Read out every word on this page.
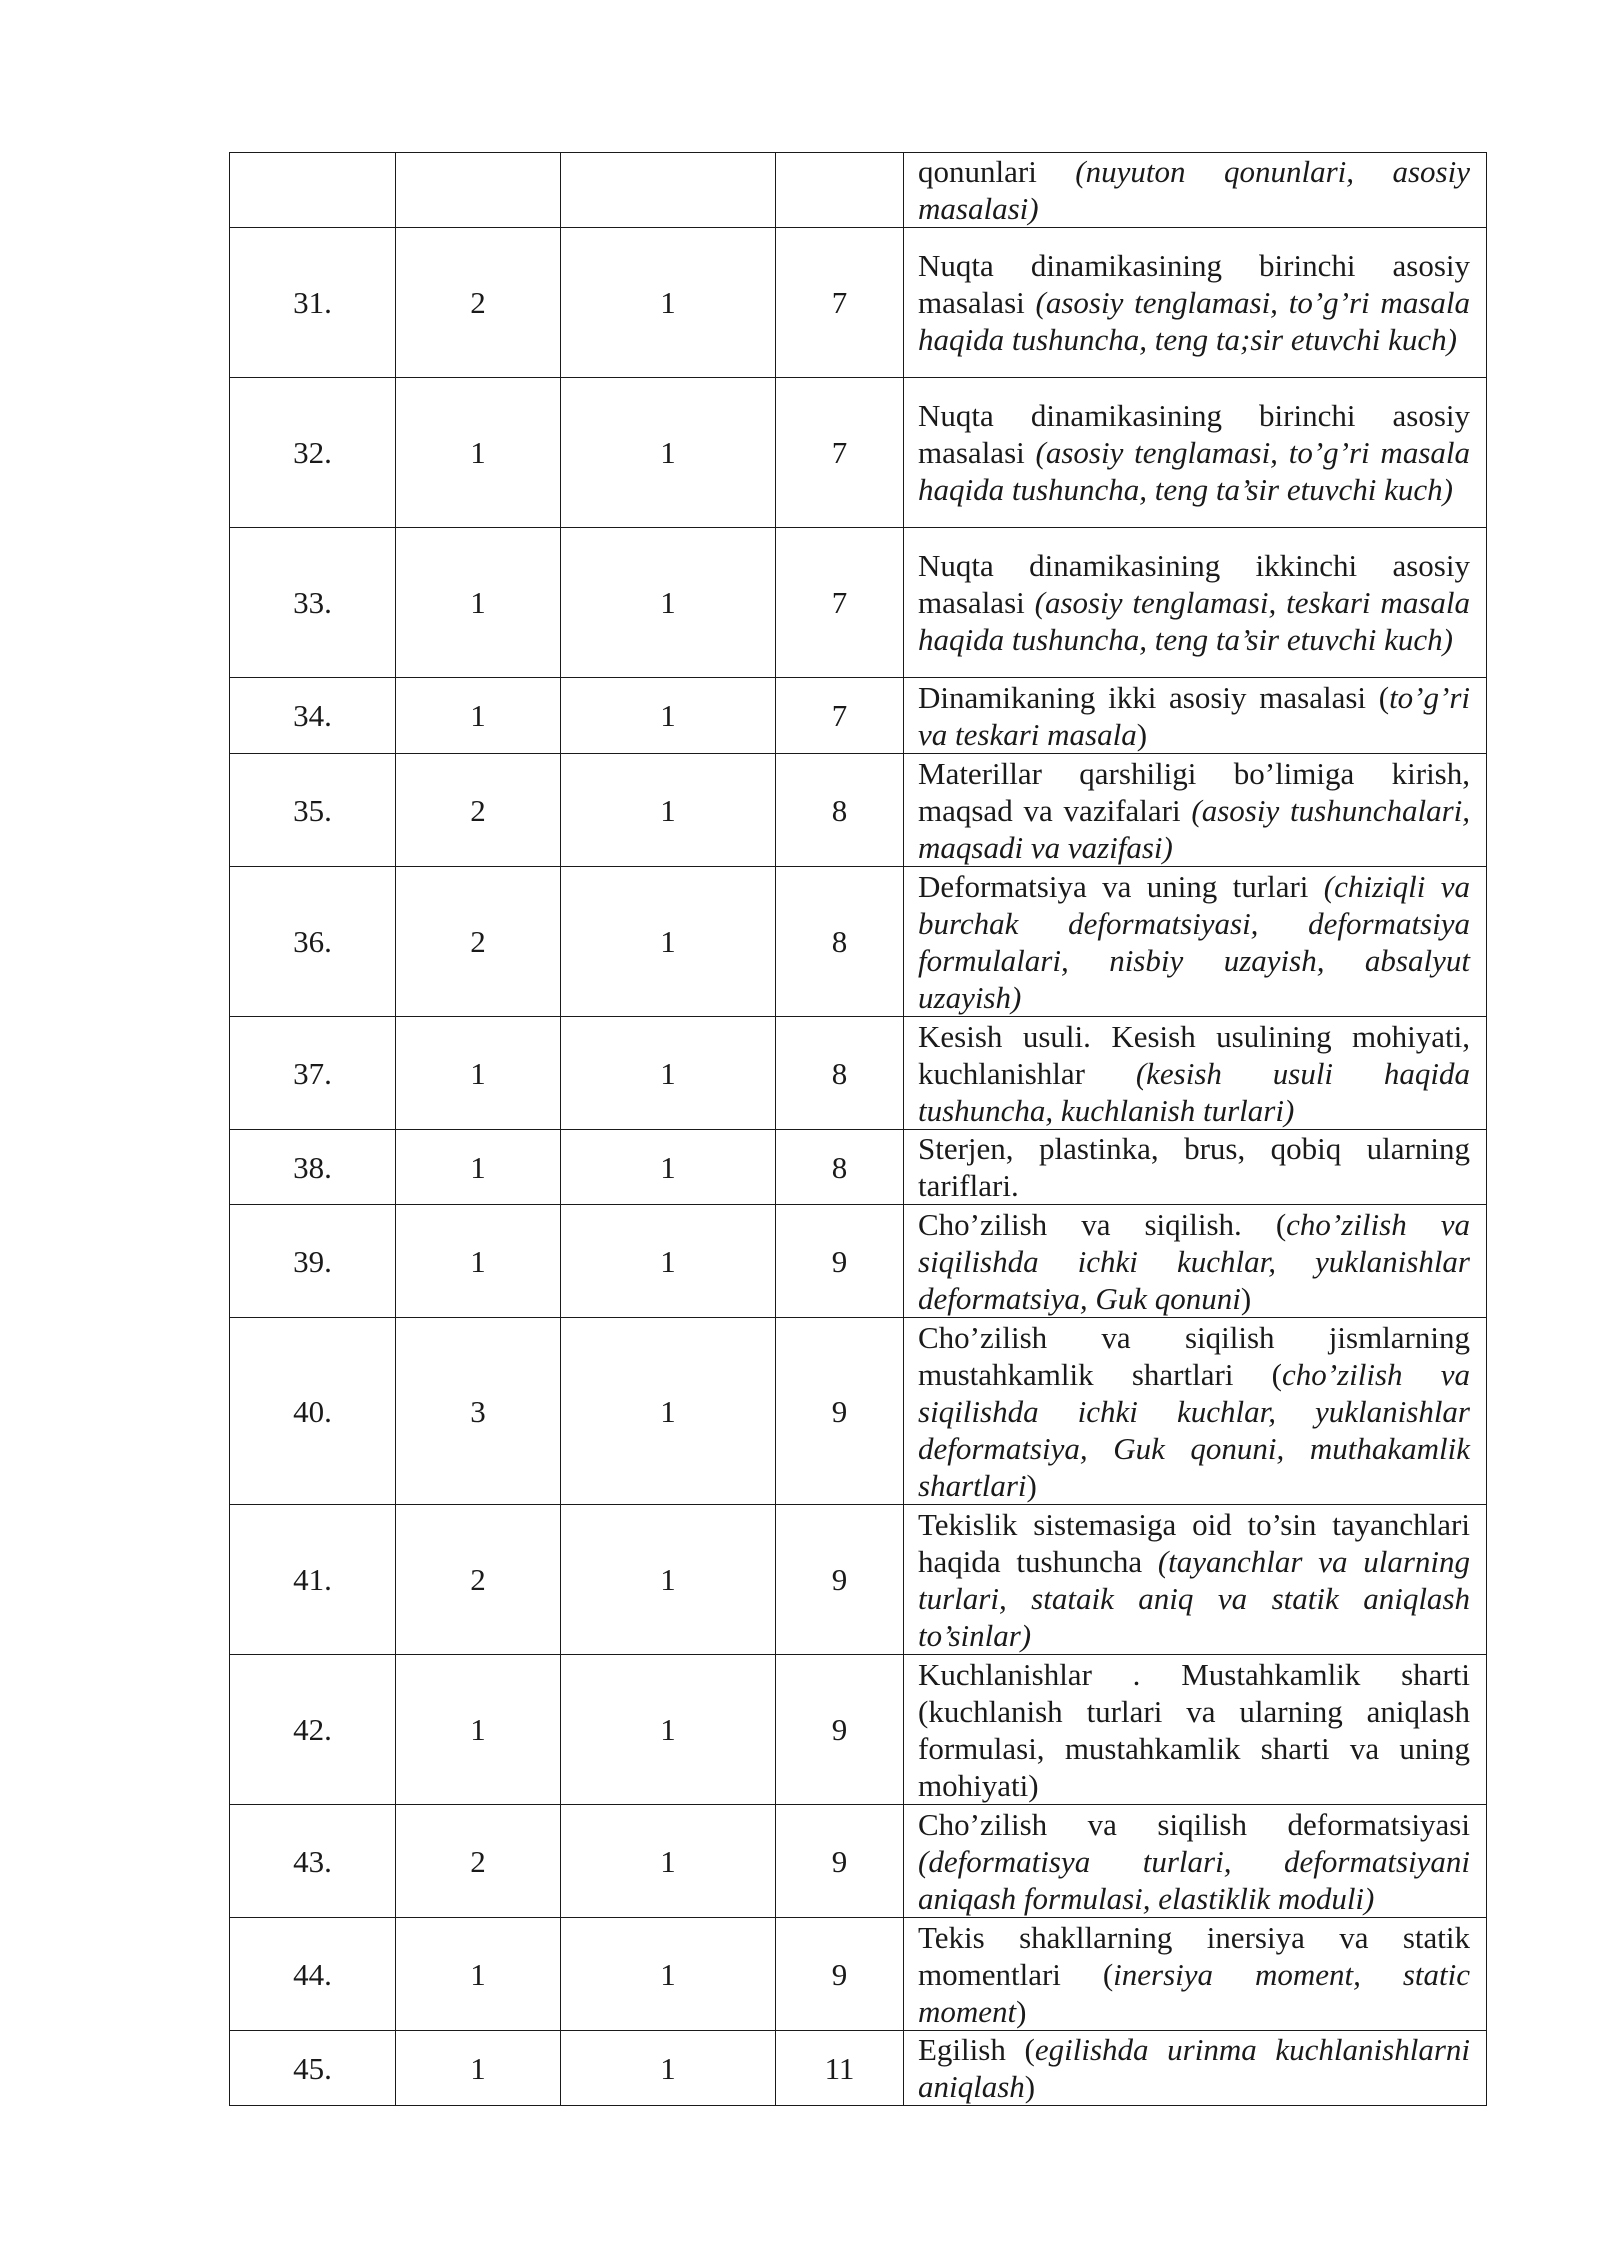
				qonunlari (nuyuton qonunlari, asosiy masalasi)

31.	2	1	7	Nuqta dinamikasining birinchi asosiy masalasi (asosiy tenglamasi, to’g’ri masala haqida tushuncha, teng ta;sir etuvchi kuch)

32.	1	1	7	Nuqta dinamikasining birinchi asosiy masalasi (asosiy tenglamasi, to’g’ri masala haqida tushuncha, teng ta’sir etuvchi kuch)

33.	1	1	7	Nuqta dinamikasining ikkinchi asosiy masalasi (asosiy tenglamasi, teskari masala haqida tushuncha, teng ta’sir etuvchi kuch)

34.	1	1	7	Dinamikaning ikki asosiy masalasi (to’g’ri va teskari masala)

35.	2	1	8	Materillar qarshiligi bo’limiga kirish, maqsad va vazifalari (asosiy tushunchalari, maqsadi va vazifasi)

36.	2	1	8	Deformatsiya va uning turlari (chiziqli va burchak deformatsiyasi, deformatsiya formulalari, nisbiy uzayish, absalyut uzayish)

37.	1	1	8	Kesish usuli. Kesish usulining mohiyati, kuchlanishlar (kesish usuli haqida tushuncha, kuchlanish turlari)

38.	1	1	8	Sterjen, plastinka, brus, qobiq ularning tariflari.

39.	1	1	9	Cho’zilish va siqilish. (cho’zilish va siqilishda ichki kuchlar, yuklanishlar deformatsiya, Guk qonuni)

40.	3	1	9	Cho’zilish va siqilish jismlarning mustahkamlik shartlari (cho’zilish va siqilishda ichki kuchlar, yuklanishlar deformatsiya, Guk qonuni, muthakamlik shartlari)

41.	2	1	9	Tekislik sistemasiga oid to’sin tayanchlari haqida tushuncha (tayanchlar va ularning turlari, stataik aniq va statik aniqlash to’sinlar)

42.	1	1	9	Kuchlanishlar . Mustahkamlik sharti (kuchlanish turlari va ularning aniqlash formulasi, mustahkamlik sharti va uning mohiyati)

43.	2	1	9	Cho’zilish va siqilish deformatsiyasi (deformatisya turlari, deformatsiyani aniqash formulasi, elastiklik moduli)

44.	1	1	9	Tekis shakllarning inersiya va statik momentlari (inersiya moment, static moment)

45.	1	1	11	Egilish (egilishda urinma kuchlanishlarni aniqlash)
